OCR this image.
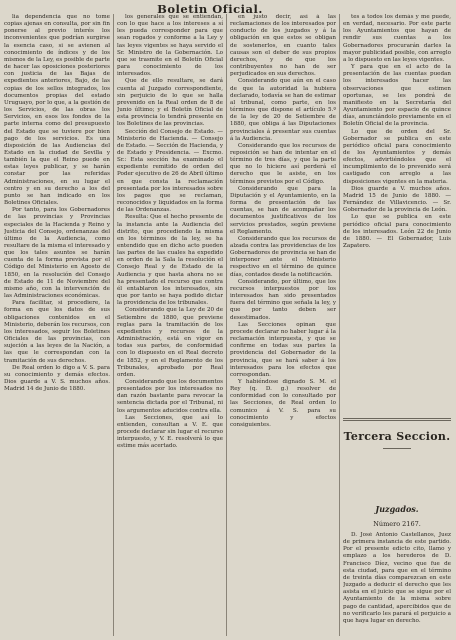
Boletin Oficial.

lia dependencia que no tome copias ajenas en consulta, por sin fin ponerse al previo interés los inconvenientes que podrían surgirse la esencia caso, si se avienen al conocimiento de índices y de los mismos de la Ley, es posible de parte de hacer las oposiciones posteriores con justicia de las Bajas de expedientes anteriores, Bajo, de las copias de los sellos integrados, los documentos propias del estado Uruguayo, por lo que, a la gestión de los Servicios, de las obras los Servicios, en esos los fondos de la parte interna como del presupuesto del Estado que se tuviere por bien pago de los servicios. Es una disposición de las Audiencias del Estado en la ciudad de Sevilla y también la que el Reino puede en estas leyes publicar, y se harán constar por las referidas Administraciones, en su lugar el centro y en su derecho a los del punto se han indicado en los Boletines Oficiales.

Por tanto, para los Gobernadores de las provincias y Provincias especiales de la Hacienda y Reino y Justicia del Consejo, ordenanzas del último de la Audiencia, como resultare de la misma el interesado y que los tales asuntos se harán cuenta de la forma prevista por el Código del Ministerio en Agosto de 1850, en la resolución del Consejo de Estado de 11 de Noviembre del mismo año, con la intervención de las Administraciones económicas.

Para facilitar, si procediere, la forma en que los datos de sus obligaciones contenidos en el Ministerio, deberán los recursos, con los interesados, seguir los Boletines Oficiales de las provincias, con sujeción a las leyes de la Nación, a las que le correspondan con la tramitación de sus derechos.

De Real orden lo digo a V. S. para su conocimiento y demás efectos. Dios guarde a V. S. muchos años. Madrid 14 de Junio de 1880.

los generales que se entiendan, con lo que hace a los intereses a sí les pueda corresponder para que sean rogados y conforme a la Ley y las leyes vigentes se haya servido el Sr. Ministro de la Gobernación. Lo que se trasmite en el Boletín Oficial para conocimiento de los interesados.

Que de ello resultare, se dará cuenta al Juzgado correspondiente, sin perjuicio de lo que se halla prevenido en la Real orden de 8 de Junio último; y el Boletín Oficial de esta provincia lo tendrá presente en los Boletines de las provincias.

Sección del Consejo de Estado. — Ministerio de Hacienda. — Consejo de Estado. — Sección de Hacienda, y de Estado y Presidencia. — Excmo. Sr.: Esta sección ha examinado el expediente remitido de orden del Poder ejecutivo de 26 de Abril último en que consta la reclamación presentada por los interesados sobre los pagos que se reclaman, reconocidos y liquidados en la forma de las Ordenanzas.

Resulta: Que el hecho presente de la instancia ante la Audiencia del distrito, que procediendo la misma en los términos de la ley, se ha entendido que en dicho acto pueden las partes de las cuales ha expedido en orden de la Sala la resolución el Consejo Real y de Estado de la Audiencia y que hasta ahora no se ha presentado el recurso que contra él entablaron los interesados, sin que por tanto se haya podido dictar la providencia de los tribunales.

Considerando que la Ley de 20 de Setiembre de 1880, que previene reglas para la tramitación de los expedientes y recursos de la Administración, está en vigor en todas sus partes, de conformidad con lo dispuesto en el Real decreto de 1852, y en el Reglamento de los Tribunales, aprobado por Real orden.

Considerando que los documentos presentados por los interesados no dan razón bastante para revocar la sentencia dictada por el Tribunal, ni los argumentos aducidos contra ella.

Las Secciones, que así lo entienden, consultan a V. E. que procede declarar sin lugar el recurso interpuesto, y V. E. resolverá lo que estime más acertado.

en justo decir, así á las reclamaciones de los interesados por conducto de los juzgados y á la obligación en que estos se obligan de sostenerlos, en cuanto tales causas son el deber de sus propios derechos, y de que los contribuyentes no han de ser perjudicados en sus derechos.

Considerando que aún en el caso de que la autoridad la hubiera declarado, todavía se han de estimar al tribunal, como parte, en los términos que dispone el artículo 5.º de la ley de 20 de Setiembre de 1880, que obliga á las Diputaciones provinciales á presentar sus cuentas á la Audiencia.

Considerando que los recursos de reposición se han de intentar en el término de tres días, y que la parte que no lo hiciere así perderá el derecho que le asiste, en los términos previstos por el Código.

Considerando que para la Diputación y el Ayuntamiento, en la forma de presentación de las cuentas, se han de acompañar los documentos justificativos de los servicios prestados, según previene el Reglamento.

Considerando que los recursos de alzada contra las providencias de los Gobernadores de provincia se han de interponer ante el Ministerio respectivo en el término de quince días, contados desde la notificación.

Considerando, por último, que los recursos interpuestos por los interesados han sido presentados fuera del término que señala la ley, y que por tanto deben ser desestimados.

Las Secciones opinan que procede declarar no haber lugar á la reclamación interpuesta, y que se confirme en todas sus partes la providencia del Gobernador de la provincia, que se hará saber á los interesados para los efectos que correspondan.

Y habiéndose dignado S. M. el Rey (q. D. g.) resolver de conformidad con lo consultado por las Secciones, de Real orden lo comunico á V. S. para su conocimiento y efectos consiguientes.

tes a todos los demás y me puede, en verdad, necesario. Por este parte los Ayuntamientos que hayan de rendir sus cuentas a los Gobernadores procurarán darles la mayor publicidad posible, con arreglo a lo dispuesto en las leyes vigentes.

Y para que en el acto de la presentación de las cuentas puedan los interesados hacer las observaciones que estimen oportunas, se les pondrá de manifiesto en la Secretaría del Ayuntamiento por espacio de quince días, anunciándolo previamente en el Boletín Oficial de la provincia.

Lo que de orden del Sr. Gobernador se publica en este periódico oficial para conocimiento de los Ayuntamientos y demás efectos, advirtiéndoles que el incumplimiento de lo prevenido será castigado con arreglo a las disposiciones vigentes en la materia.

Dios guarde a V. muchos años. Madrid 15 de Junio de 1880. — Fernández de Villavicencio. — Sr. Gobernador de la provincia de León.

Lo que se publica en este periódico oficial para conocimiento de los interesados. León 22 de Junio de 1880. — El Gobernador, Luis Zapatero.

Tercera Seccion.
Juzgados.
Número 2167.

D. José Antonio Castellanos, Juez de primera instancia de este partido. Por el presente edicto cito, llamo y emplazo a los herederos de D. Francisco Díez, vecino que fue de esta ciudad, para que en el término de treinta días comparezcan en este Juzgado a deducir el derecho que les asista en el juicio que se sigue por el Ayuntamiento de la misma sobre pago de cantidad, apercibidos que de no verificarlo les parará el perjuicio a que haya lugar en derecho.
